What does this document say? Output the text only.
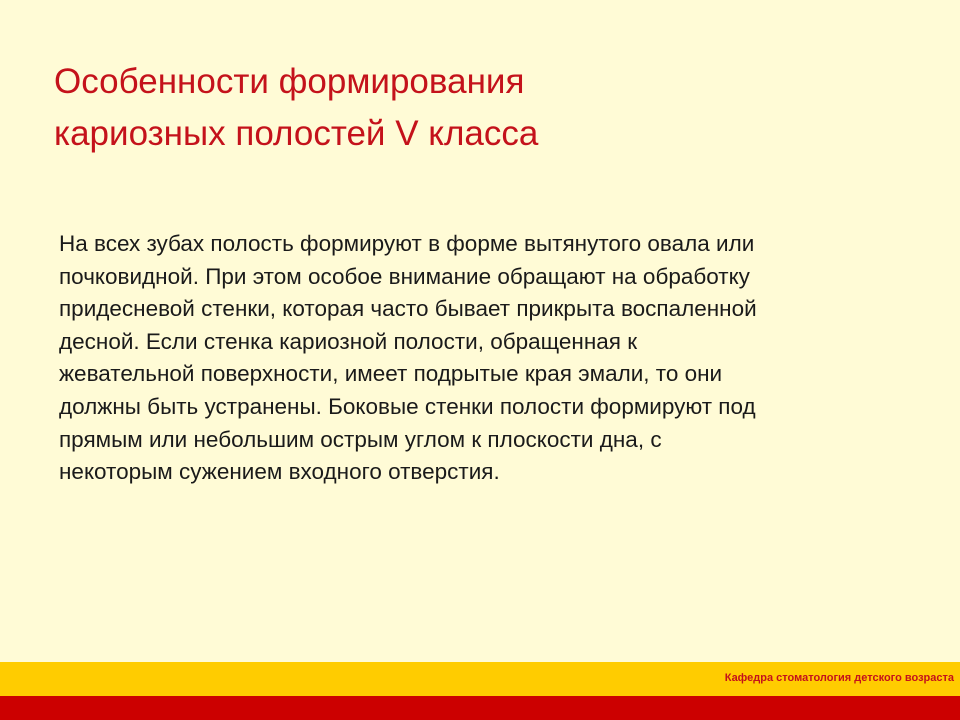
Особенности формирования
кариозных полостей V класса
На всех зубах полость формируют в форме вытянутого овала или
почковидной. При этом особое внимание обращают на обработку
придесневой стенки, которая часто бывает прикрыта воспаленной
десной. Если стенка кариозной полости, обращенная к
жевательной поверхности, имеет подрытые края эмали, то они
должны быть устранены. Боковые стенки полости формируют под
прямым или небольшим острым углом к плоскости дна, с
некоторым сужением входного отверстия.
Кафедра стоматология детского возраста
